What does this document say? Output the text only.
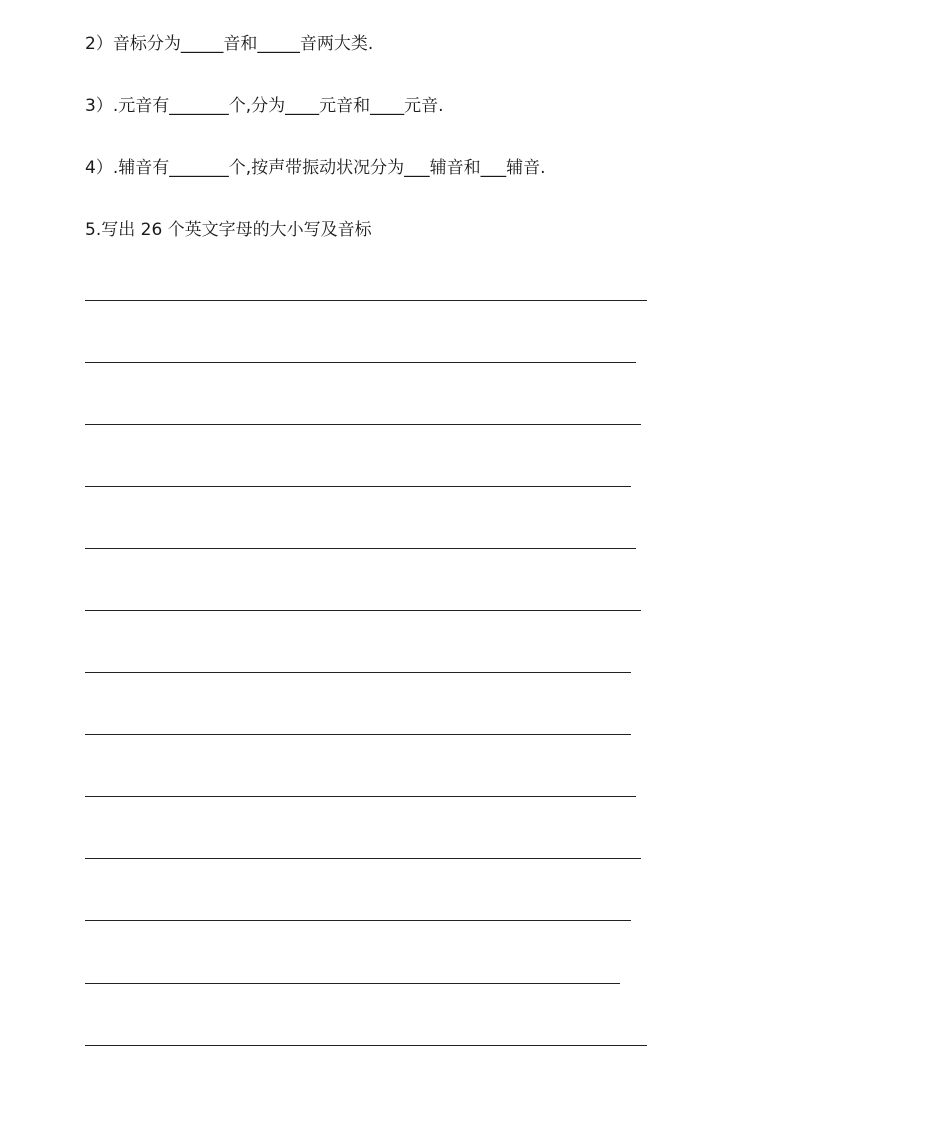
2）音标分为_____音和_____音两大类.
3）.元音有_______个,分为____元音和____元音.
4）.辅音有_______个,按声带振动状况分为___辅音和___辅音.
5.写出 26 个英文字母的大小写及音标
